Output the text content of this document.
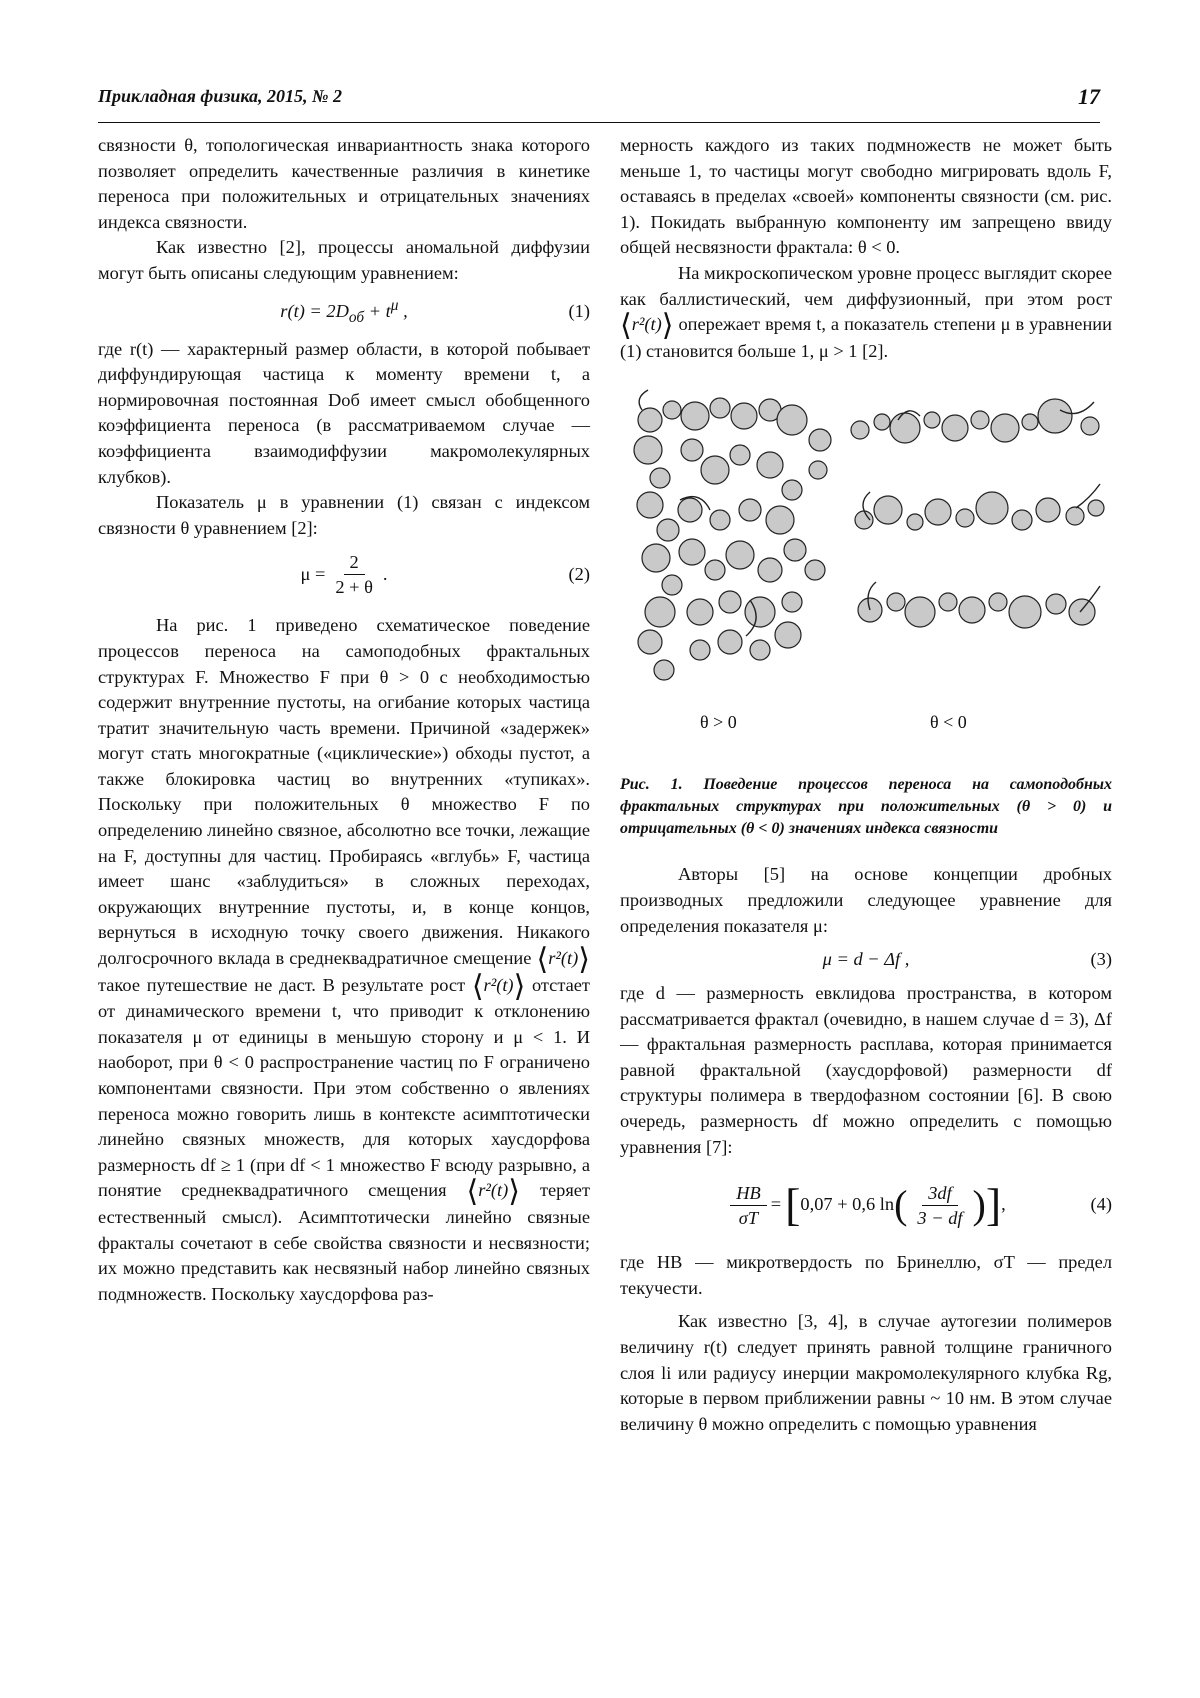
Прикладная физика, 2015, № 2	17

связности θ, топологическая инвариантность знака которого позволяет определить качественные различия в кинетике переноса при положительных и отрицательных значениях индекса связности.

Как известно [2], процессы аномальной диффузии могут быть описаны следующим уравнением:

$r(t) = 2D_{об} + t^\mu$ ,	(1)

где r(t) — характерный размер области, в которой побывает диффундирующая частица к моменту времени t, а нормировочная постоянная Dоб имеет смысл обобщенного коэффициента переноса (в рассматриваемом случае — коэффициента взаимодиффузии макромолекулярных клубков).

Показатель μ в уравнении (1) связан с индексом связности θ уравнением [2]:

$\mu = \frac{2}{2 + \theta}$ .	(2)

На рис. 1 приведено схематическое поведение процессов переноса на самоподобных фрактальных структурах F. Множество F при θ > 0 с необходимостью содержит внутренние пустоты, на огибание которых частица тратит значительную часть времени. Причиной «задержек» могут стать многократные («циклические») обходы пустот, а также блокировка частиц во внутренних «тупиках». Поскольку при положительных θ множество F по определению линейно связное, абсолютно все точки, лежащие на F, доступны для частиц. Пробираясь «вглубь» F, частица имеет шанс «заблудиться» в сложных переходах, окружающих внутренние пустоты, и, в конце концов, вернуться в исходную точку своего движения. Никакого долгосрочного вклада в среднеквадратичное смещение ⟨r²(t)⟩ такое путешествие не даст. В результате рост ⟨r²(t)⟩ отстает от динамического времени t, что приводит к отклонению показателя μ от единицы в меньшую сторону и μ < 1. И наоборот, при θ < 0 распространение частиц по F ограничено компонентами связности. При этом собственно о явлениях переноса можно говорить лишь в контексте асимптотически линейно связных множеств, для которых хаусдорфова размерность df ≥ 1 (при df < 1 множество F всюду разрывно, а понятие среднеквадратичного смещения ⟨r²(t)⟩ теряет естественный смысл). Асимптотически линейно связные фракталы сочетают в себе свойства связности и несвязности; их можно представить как несвязный набор линейно связных подмножеств. Поскольку хаусдорфова раз-

мерность каждого из таких подмножеств не может быть меньше 1, то частицы могут свободно мигрировать вдоль F, оставаясь в пределах «своей» компоненты связности (см. рис. 1). Покидать выбранную компоненту им запрещено ввиду общей несвязности фрактала: θ < 0.

На микроскопическом уровне процесс выглядит скорее как баллистический, чем диффузионный, при этом рост ⟨r²(t)⟩ опережает время t, а показатель степени μ в уравнении (1) становится больше 1, μ > 1 [2].

θ > 0	θ < 0
Рис. 1. Поведение процессов переноса на самоподобных фрактальных структурах при положительных (θ > 0) и отрицательных (θ < 0) значениях индекса связности

Авторы [5] на основе концепции дробных производных предложили следующее уравнение для определения показателя μ:

μ = d − Δf ,	(3)

где d — размерность евклидова пространства, в котором рассматривается фрактал (очевидно, в нашем случае d = 3), Δf — фрактальная размерность расплава, которая принимается равной фрактальной (хаусдорфовой) размерности df структуры полимера в твердофазном состоянии [6]. В свою очередь, размерность df можно определить с помощью уравнения [7]:

$\frac{HB}{\sigma T}$ = [ 0,07 + 0,6 ln ( $\frac{3df}{3 - df}$ ) ] ,	(4)

где HB — микротвердость по Бринеллю, σT — предел текучести.

Как известно [3, 4], в случае аутогезии полимеров величину r(t) следует принять равной толщине граничного слоя li или радиусу инерции макромолекулярного клубка Rg, которые в первом приближении равны ~ 10 нм. В этом случае величину θ можно определить с помощью уравнения
